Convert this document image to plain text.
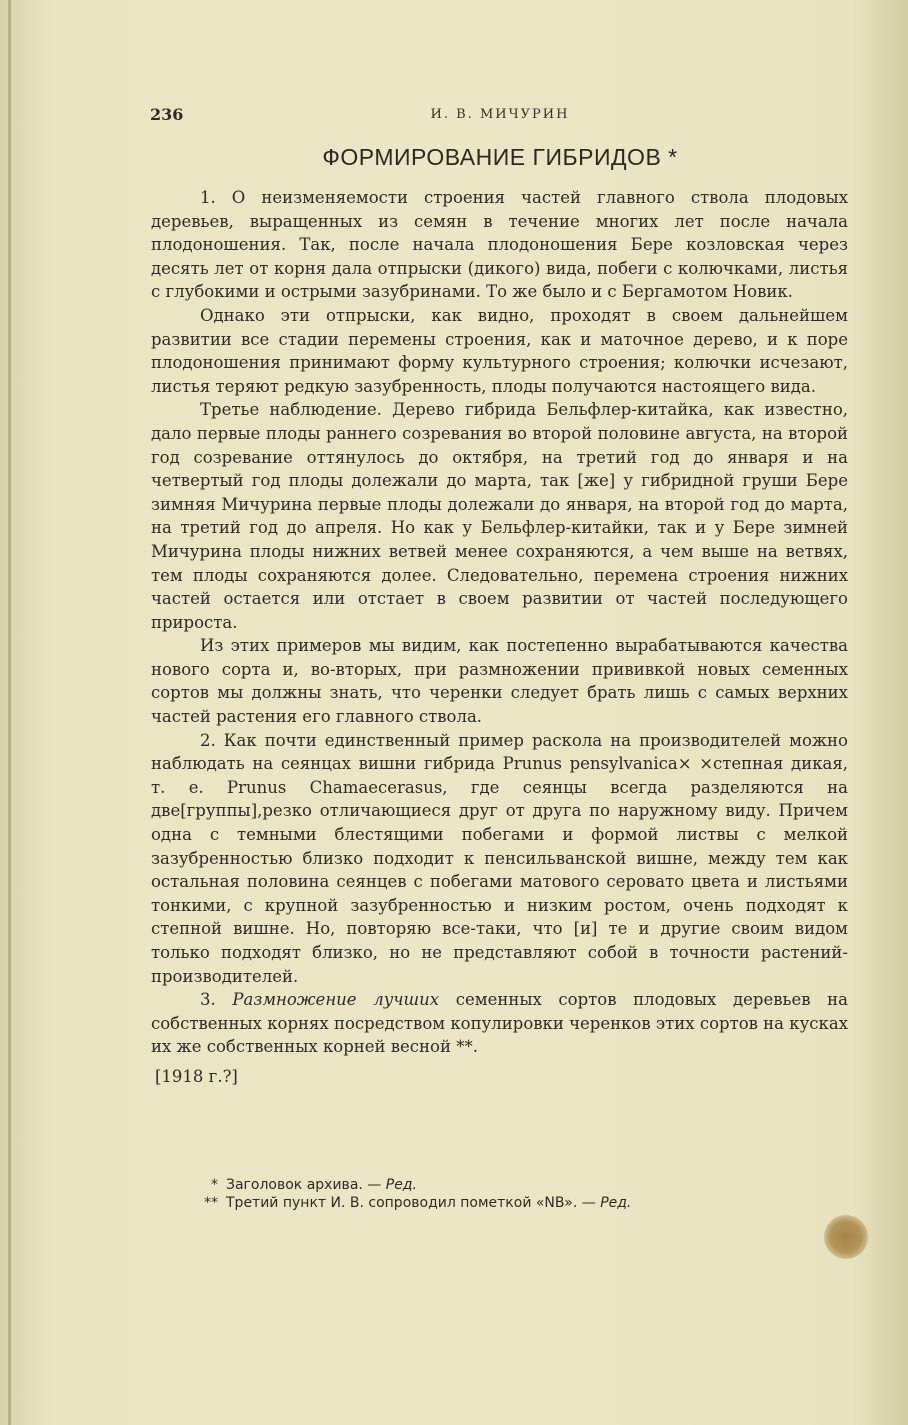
236	И. В. МИЧУРИН
ФОРМИРОВАНИЕ ГИБРИДОВ *

1. О неизменяемости строения частей главного ствола плодовых деревьев, выращенных из семян в течение многих лет после начала плодоношения. Так, после начала плодоношения Бере козловская через десять лет от корня дала отпрыски (дикого) вида, побеги с колючками, листья с глубокими и острыми зазубринами. То же было и с Бергамотом Новик.

Однако эти отпрыски, как видно, проходят в своем дальнейшем развитии все стадии перемены строения, как и маточное дерево, и к поре плодоношения принимают форму культурного строения; колючки исчезают, листья теряют редкую зазубренность, плоды получаются настоящего вида.

Третье наблюдение. Дерево гибрида Бельфлер-китайка, как известно, дало первые плоды раннего созревания во второй половине августа, на второй год созревание оттянулось до октября, на третий год до января и на четвертый год плоды долежали до марта, так [же] у гибридной груши Бере зимняя Мичурина первые плоды долежали до января, на второй год до марта, на третий год до апреля. Но как у Бельфлер-китайки, так и у Бере зимней Мичурина плоды нижних ветвей менее сохраняются, а чем выше на ветвях, тем плоды сохраняются долее. Следовательно, перемена строения нижних частей остается или отстает в своем развитии от частей последующего прироста.

Из этих примеров мы видим, как постепенно вырабатываются качества нового сорта и, во-вторых, при размножении прививкой новых семенных сортов мы должны знать, что черенки следует брать лишь с самых верхних частей растения его главного ствола.

2. Как почти единственный пример раскола на производителей можно наблюдать на сеянцах вишни гибрида Prunus pensylvanica× ×степная дикая, т. е. Prunus Chamaecerasus, где сеянцы всегда разделяются на две[группы],резко отличающиеся друг от друга по наружному виду. Причем одна с темными блестящими побегами и формой листвы с мелкой зазубренностью близко подходит к пенсильванской вишне, между тем как остальная половина сеянцев с побегами матового серовато цвета и листьями тонкими, с крупной зазубренностью и низким ростом, очень подходят к степной вишне. Но, повторяю все-таки, что [и] те и другие своим видом только подходят близко, но не представляют собой в точности растений-производителей.

3. Размножение лучших семенных сортов плодовых деревьев на собственных корнях посредством копулировки черенков этих сортов на кусках их же собственных корней весной **.

[1918 г.?]

* Заголовок архива. — Ред.
** Третий пункт И. В. сопроводил пометкой «NB». — Ред.
